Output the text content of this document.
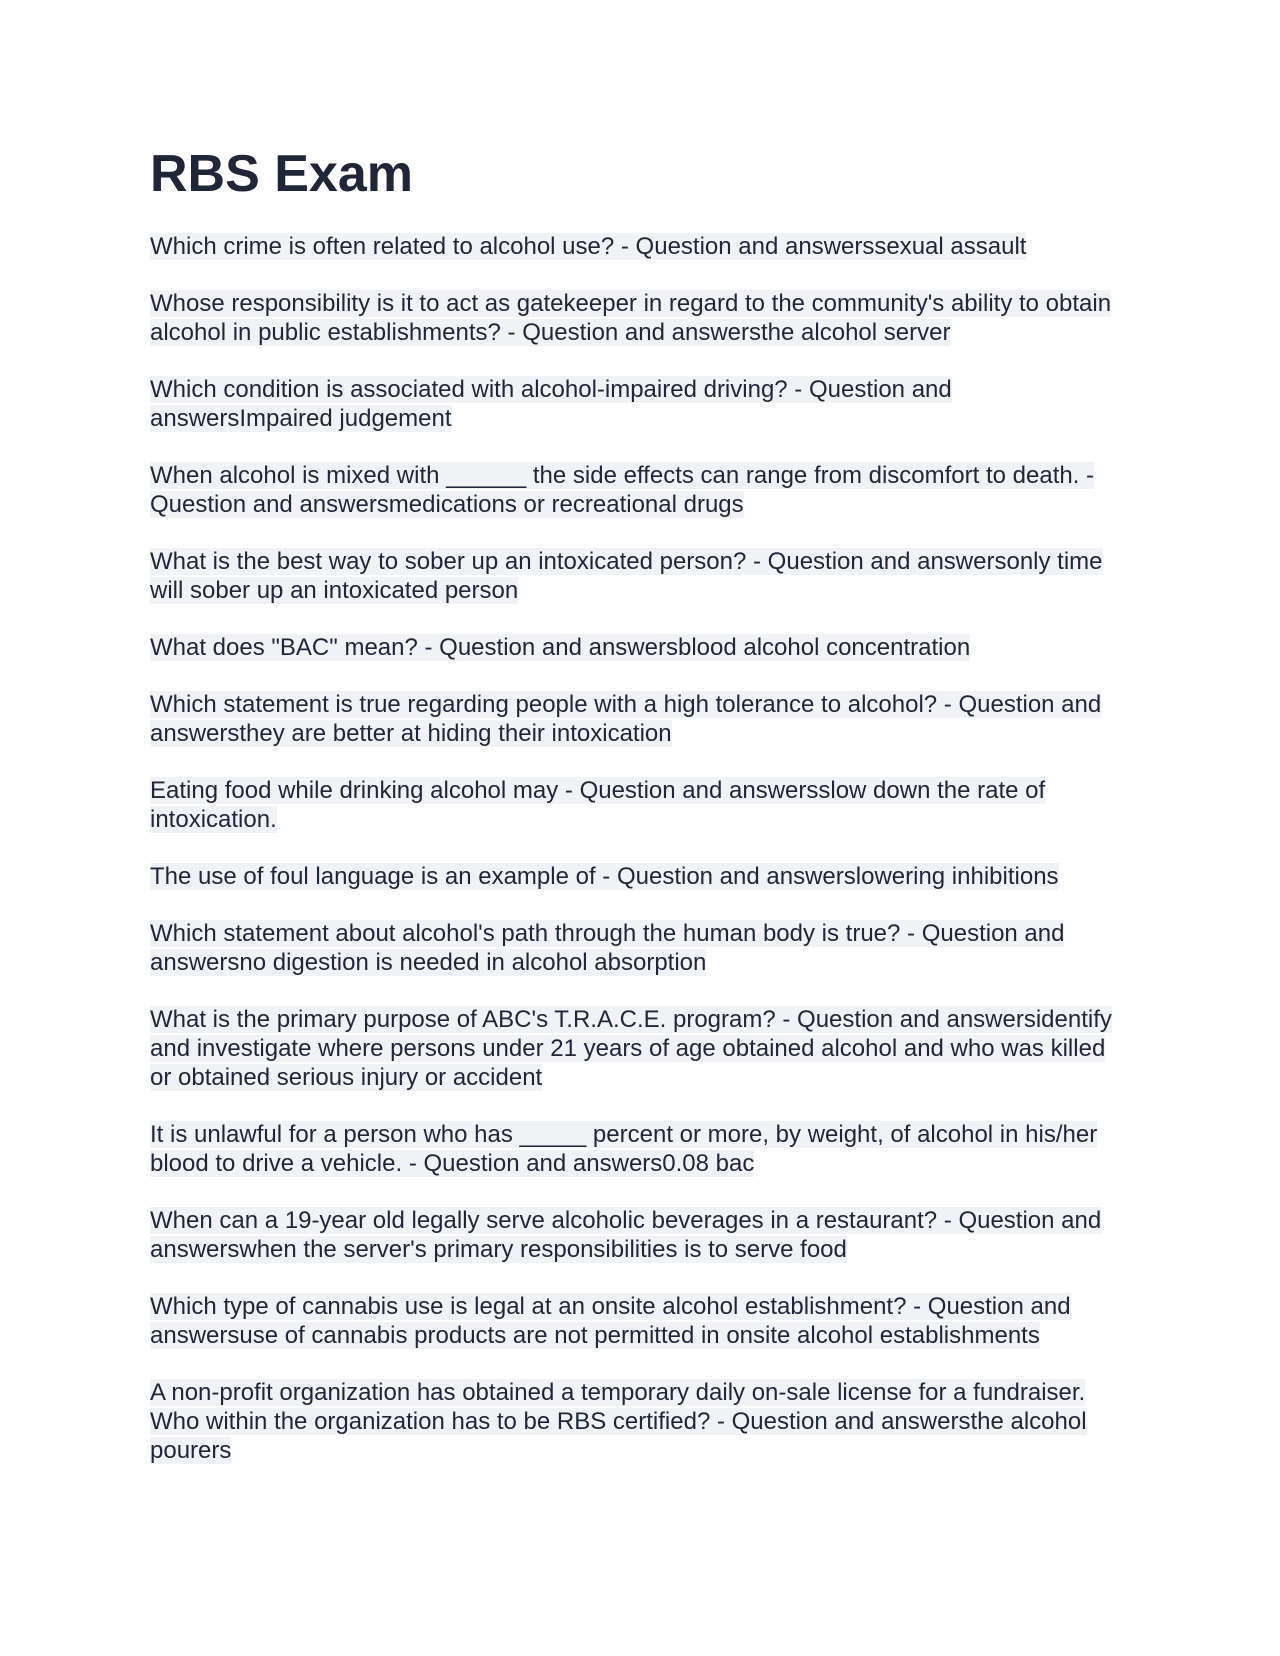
RBS Exam

Which crime is often related to alcohol use? - Question and answerssexual assault

Whose responsibility is it to act as gatekeeper in regard to the community's ability to obtain alcohol in public establishments? - Question and answersthe alcohol server

Which condition is associated with alcohol-impaired driving? - Question and answersImpaired judgement

When alcohol is mixed with ______ the side effects can range from discomfort to death. - Question and answersmedications or recreational drugs

What is the best way to sober up an intoxicated person? - Question and answersonly time will sober up an intoxicated person

What does "BAC" mean? - Question and answersblood alcohol concentration

Which statement is true regarding people with a high tolerance to alcohol? - Question and answersthey are better at hiding their intoxication

Eating food while drinking alcohol may - Question and answersslow down the rate of intoxication.

The use of foul language is an example of - Question and answerslowering inhibitions

Which statement about alcohol's path through the human body is true? - Question and answersno digestion is needed in alcohol absorption

What is the primary purpose of ABC's T.R.A.C.E. program? - Question and answersidentify and investigate where persons under 21 years of age obtained alcohol and who was killed or obtained serious injury or accident

It is unlawful for a person who has _____ percent or more, by weight, of alcohol in his/her blood to drive a vehicle. - Question and answers0.08 bac

When can a 19-year old legally serve alcoholic beverages in a restaurant? - Question and answerswhen the server's primary responsibilities is to serve food

Which type of cannabis use is legal at an onsite alcohol establishment? - Question and answersuse of cannabis products are not permitted in onsite alcohol establishments

A non-profit organization has obtained a temporary daily on-sale license for a fundraiser. Who within the organization has to be RBS certified? - Question and answersthe alcohol pourers
